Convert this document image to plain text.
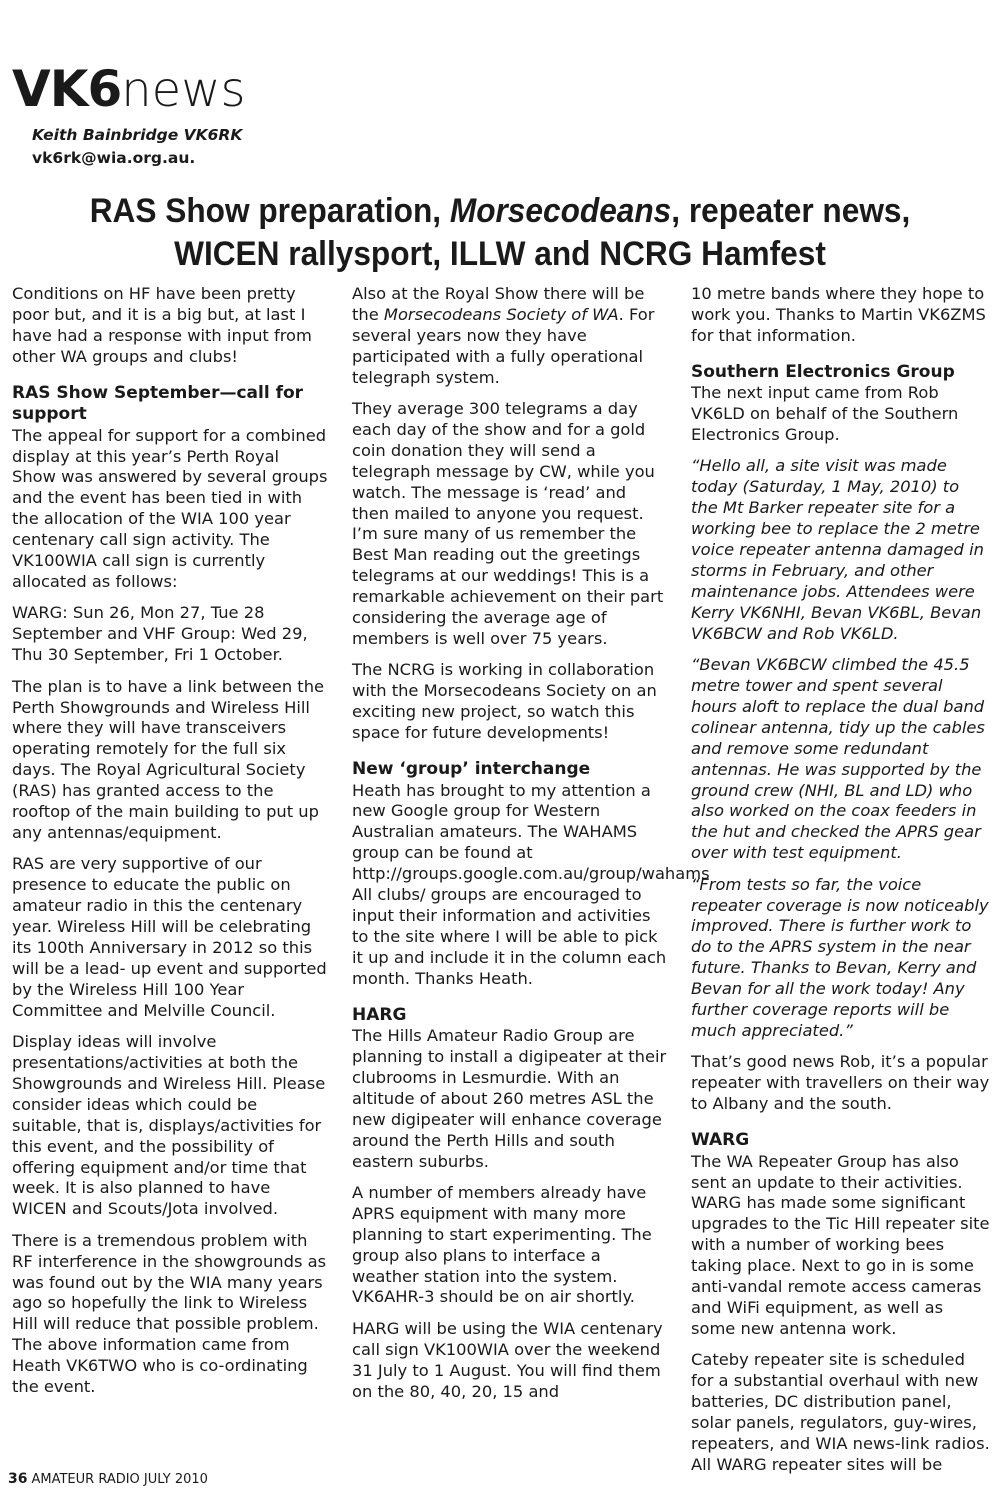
VK6news
Keith Bainbridge VK6RK
vk6rk@wia.org.au.

RAS Show preparation, Morsecodeans, repeater news,

WICEN rallysport, ILLW and NCRG Hamfest

Conditions on HF have been pretty poor but, and it is a big but, at last I have had a response with input from other WA groups and clubs!

RAS Show September—call for support

The appeal for support for a combined display at this year’s Perth Royal Show was answered by several groups and the event has been tied in with the allocation of the WIA 100 year centenary call sign activity. The VK100WIA call sign is currently allocated as follows:

WARG: Sun 26, Mon 27, Tue 28 September and VHF Group: Wed 29, Thu 30 September, Fri 1 October.

The plan is to have a link between the Perth Showgrounds and Wireless Hill where they will have transceivers operating remotely for the full six days. The Royal Agricultural Society (RAS) has granted access to the rooftop of the main building to put up any antennas/equipment.

RAS are very supportive of our presence to educate the public on amateur radio in this the centenary year. Wireless Hill will be celebrating its 100th Anniversary in 2012 so this will be a lead- up event and supported by the Wireless Hill 100 Year Committee and Melville Council.

Display ideas will involve presentations/activities at both the Showgrounds and Wireless Hill. Please consider ideas which could be suitable, that is, displays/activities for this event, and the possibility of offering equipment and/or time that week. It is also planned to have WICEN and Scouts/Jota involved.

There is a tremendous problem with RF interference in the showgrounds as was found out by the WIA many years ago so hopefully the link to Wireless Hill will reduce that possible problem. The above information came from Heath VK6TWO who is co-ordinating the event.

Also at the Royal Show there will be the Morsecodeans Society of WA. For several years now they have participated with a fully operational telegraph system.

They average 300 telegrams a day each day of the show and for a gold coin donation they will send a telegraph message by CW, while you watch. The message is ‘read’ and then mailed to anyone you request. I’m sure many of us remember the Best Man reading out the greetings telegrams at our weddings! This is a remarkable achievement on their part considering the average age of members is well over 75 years.

The NCRG is working in collaboration with the Morsecodeans Society on an exciting new project, so watch this space for future developments!

New ‘group’ interchange

Heath has brought to my attention a new Google group for Western Australian amateurs. The WAHAMS group can be found at http://groups.google.com.au/group/wahams All clubs/ groups are encouraged to input their information and activities to the site where I will be able to pick it up and include it in the column each month. Thanks Heath.

HARG

The Hills Amateur Radio Group are planning to install a digipeater at their clubrooms in Lesmurdie. With an altitude of about 260 metres ASL the new digipeater will enhance coverage around the Perth Hills and south eastern suburbs.

A number of members already have APRS equipment with many more planning to start experimenting. The group also plans to interface a weather station into the system. VK6AHR-3 should be on air shortly.

HARG will be using the WIA centenary call sign VK100WIA over the weekend 31 July to 1 August. You will find them on the 80, 40, 20, 15 and

10 metre bands where they hope to work you. Thanks to Martin VK6ZMS for that information.

Southern Electronics Group

The next input came from Rob VK6LD on behalf of the Southern Electronics Group.

“Hello all, a site visit was made today (Saturday, 1 May, 2010) to the Mt Barker repeater site for a working bee to replace the 2 metre voice repeater antenna damaged in storms in February, and other maintenance jobs. Attendees were Kerry VK6NHI, Bevan VK6BL, Bevan VK6BCW and Rob VK6LD.

“Bevan VK6BCW climbed the 45.5 metre tower and spent several hours aloft to replace the dual band colinear antenna, tidy up the cables and remove some redundant antennas. He was supported by the ground crew (NHI, BL and LD) who also worked on the coax feeders in the hut and checked the APRS gear over with test equipment.

“From tests so far, the voice repeater coverage is now noticeably improved. There is further work to do to the APRS system in the near future. Thanks to Bevan, Kerry and Bevan for all the work today! Any further coverage reports will be much appreciated.”

That’s good news Rob, it’s a popular repeater with travellers on their way to Albany and the south.

WARG

The WA Repeater Group has also sent an update to their activities. WARG has made some significant upgrades to the Tic Hill repeater site with a number of working bees taking place. Next to go in is some anti-vandal remote access cameras and WiFi equipment, as well as some new antenna work.

Cateby repeater site is scheduled for a substantial overhaul with new batteries, DC distribution panel, solar panels, regulators, guy-wires, repeaters, and WIA news-link radios. All WARG repeater sites will be

36 AMATEUR RADIO JULY 2010
